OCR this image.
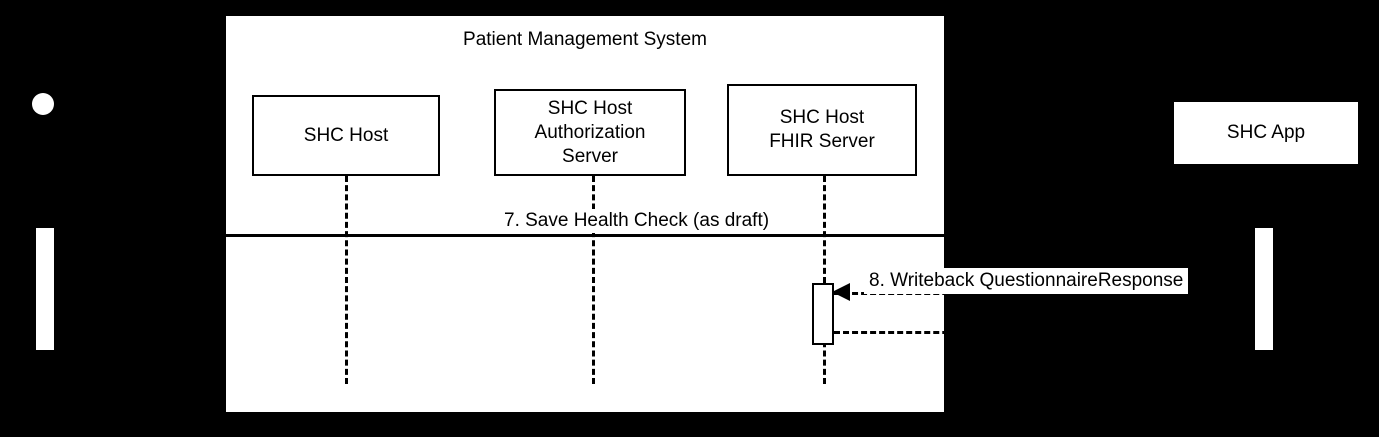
Patient Management System
SHC Host
SHC Host
Authorization
Server
SHC Host
FHIR Server	SHC App
7. Save Health Check (as draft)
8. Writeback QuestionnaireResponse
